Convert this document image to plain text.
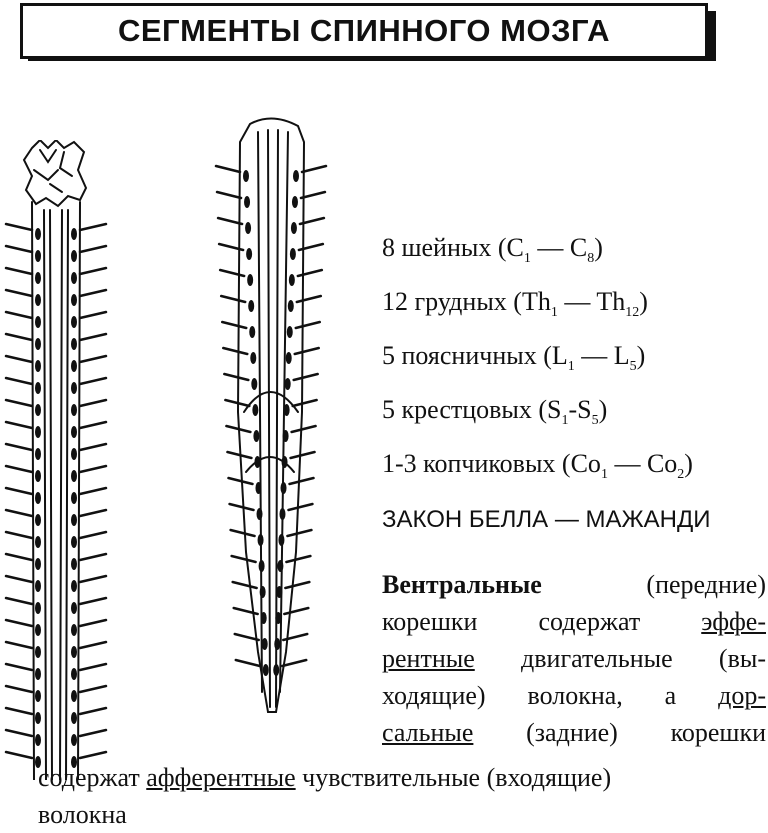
СЕГМЕНТЫ СПИННОГО МОЗГА
8 шейных ($C_1$ — $C_8$)
12 грудных ($Th_1$ — $Th_{12}$)
5 поясничных ($L_1$ — $L_5$)
5 крестцовых $(S_1-S_5)$
1-3 копчиковых ($Co_1$ — $Co_2$)
ЗАКОН БЕЛЛА — МАЖАНДИ
Вентральные (передние)
корешки содержат эффе-
рентные двигательные (вы-
ходящие) волокна, а дор-
сальные (задние) корешки
содержат афферентные чувствительные (входящие)
волокна
